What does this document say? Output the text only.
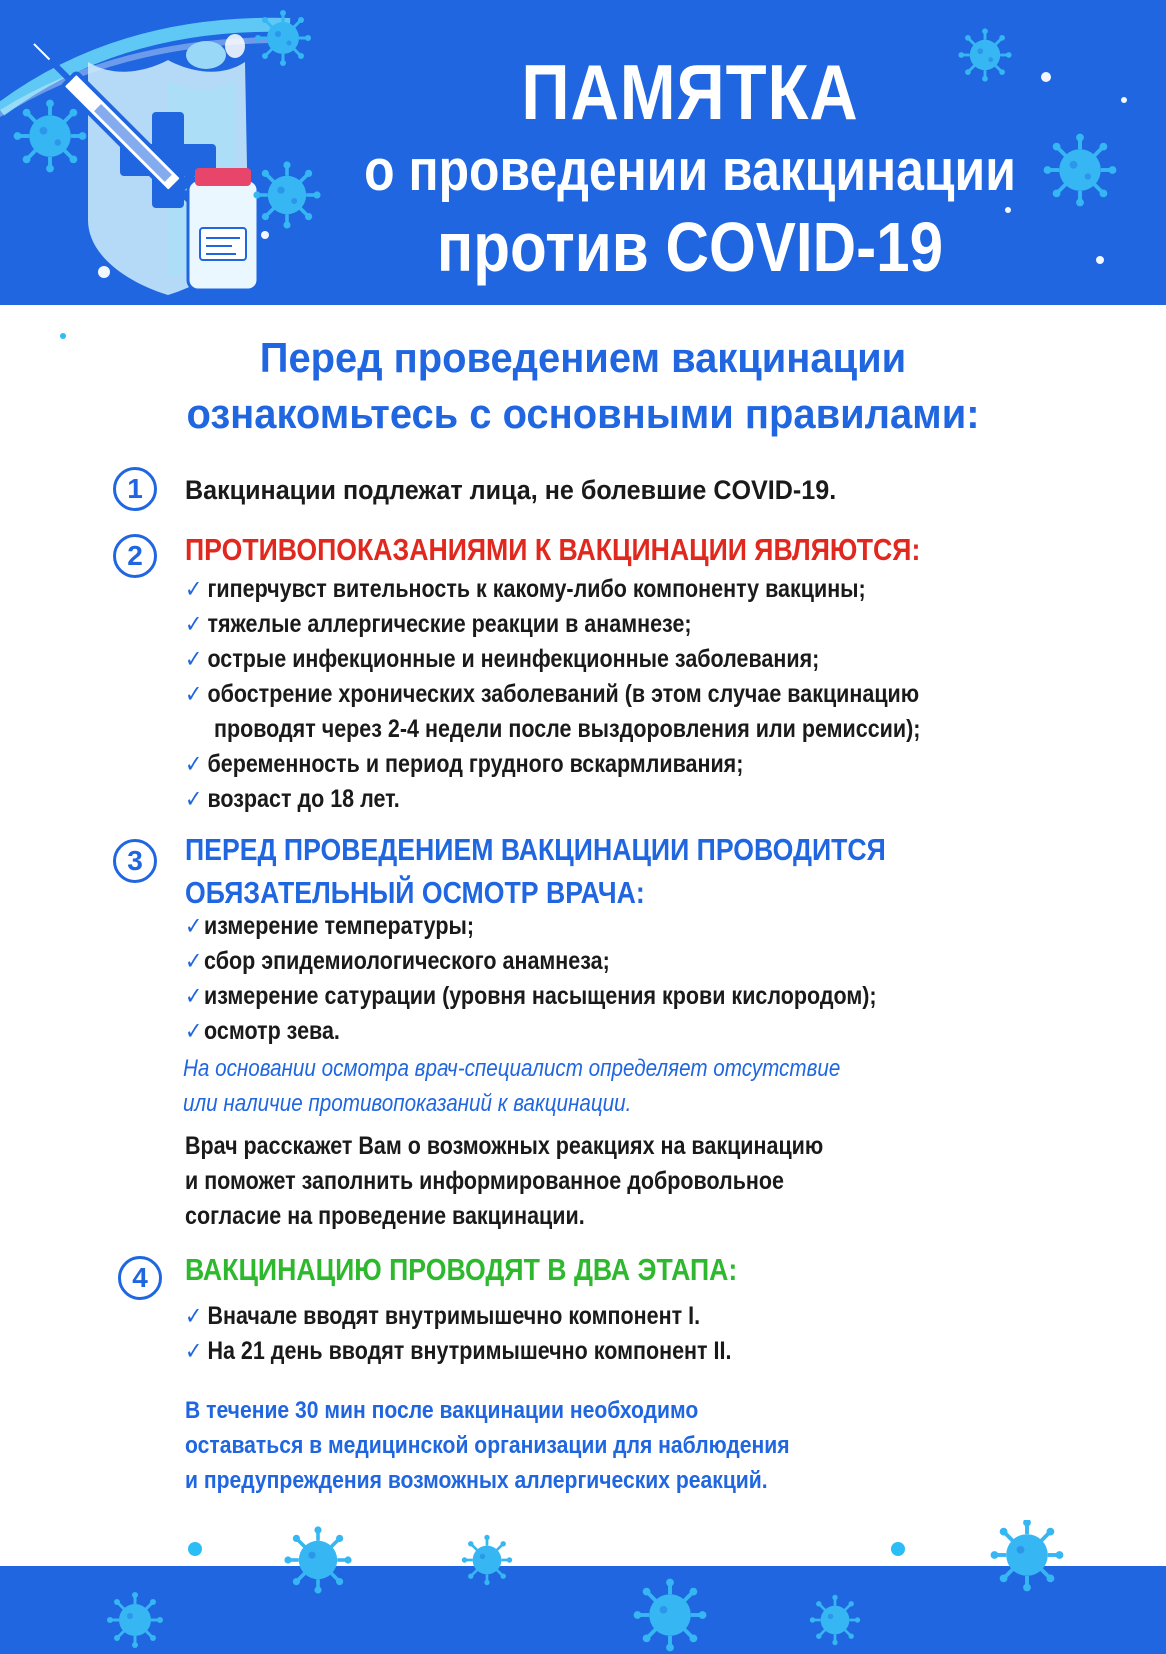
ПАМЯТКА
о проведении вакцинации
против COVID-19
Перед проведением вакцинации
ознакомьтесь с основными правилами:
1	Вакцинации подлежат лица, не болевшие COVID-19.
2	ПРОТИВОПОКАЗАНИЯМИ К ВАКЦИНАЦИИ ЯВЛЯЮТСЯ:
✓ гиперчувст вительность к какому-либо компоненту вакцины;
✓ тяжелые аллергические реакции в анамнезе;
✓ острые инфекционные и неинфекционные заболевания;
✓ обострение хронических заболеваний (в этом случае вакцинацию
проводят через 2-4 недели после выздоровления или ремиссии);
✓ беременность и период грудного вскармливания;
✓ возраст до 18 лет.
3	ПЕРЕД ПРОВЕДЕНИЕМ ВАКЦИНАЦИИ ПРОВОДИТСЯ
ОБЯЗАТЕЛЬНЫЙ ОСМОТР ВРАЧА:
✓измерение температуры;
✓сбор эпидемиологического анамнеза;
✓измерение сатурации (уровня насыщения крови кислородом);
✓осмотр зева.
На основании осмотра врач-специалист определяет отсутствие
или наличие противопоказаний к вакцинации.
Врач расскажет Вам о возможных реакциях на вакцинацию
и поможет заполнить информированное добровольное
согласие на проведение вакцинации.
4	ВАКЦИНАЦИЮ ПРОВОДЯТ В ДВА ЭТАПА:
✓ Вначале вводят внутримышечно компонент I.
✓ На 21 день вводят внутримышечно компонент II.
В течение 30 мин после вакцинации необходимо
оставаться в медицинской организации для наблюдения
и предупреждения возможных аллергических реакций.
